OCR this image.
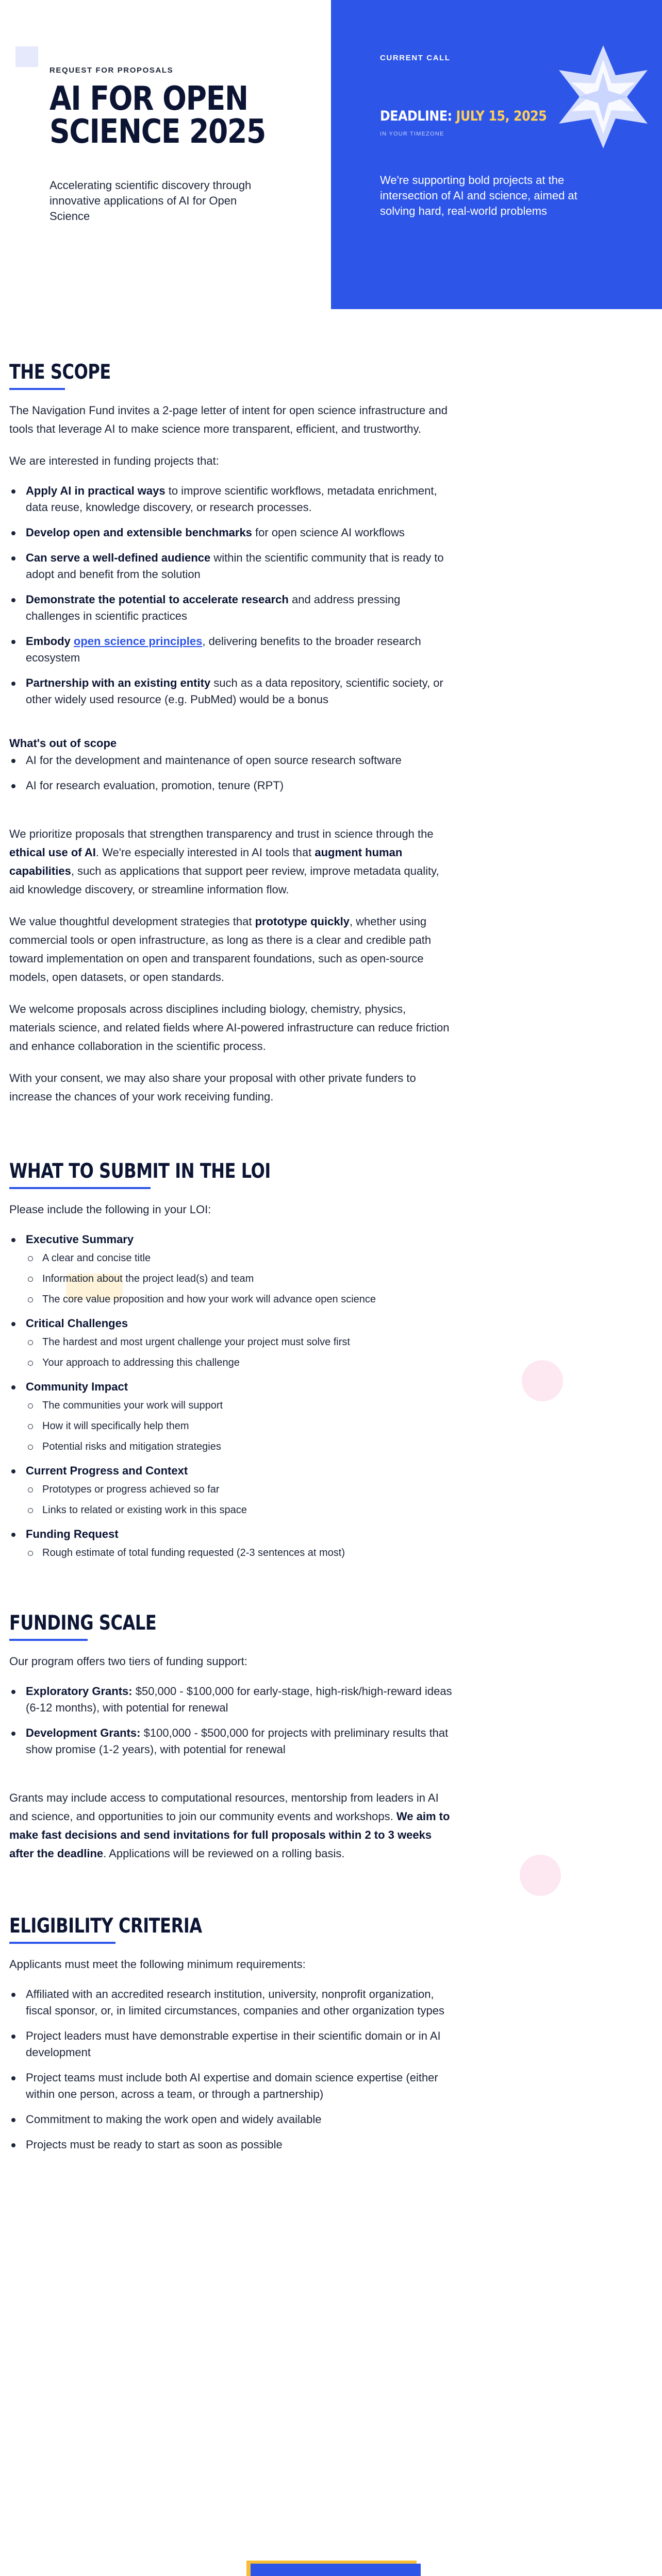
REQUEST FOR PROPOSALS
AI FOR OPEN SCIENCE 2025

Accelerating scientific discovery through innovative applications of AI for Open Science

CURRENT CALL
DEADLINE: JULY 15, 2025
IN YOUR TIMEZONE

We're supporting bold projects at the intersection of AI and science, aimed at solving hard, real-world problems

THE SCOPE

The Navigation Fund invites a 2-page letter of intent for open science infrastructure and tools that leverage AI to make science more transparent, efficient, and trustworthy.

We are interested in funding projects that:

Apply AI in practical ways to improve scientific workflows, metadata enrichment, data reuse, knowledge discovery, or research processes.
Develop open and extensible benchmarks for open science AI workflows
Can serve a well-defined audience within the scientific community that is ready to adopt and benefit from the solution
Demonstrate the potential to accelerate research and address pressing challenges in scientific practices
Embody open science principles, delivering benefits to the broader research ecosystem
Partnership with an existing entity such as a data repository, scientific society, or other widely used resource (e.g. PubMed) would be a bonus
What's out of scope
AI for the development and maintenance of open source research software
AI for research evaluation, promotion, tenure (RPT)

We prioritize proposals that strengthen transparency and trust in science through the ethical use of AI. We're especially interested in AI tools that augment human capabilities, such as applications that support peer review, improve metadata quality, aid knowledge discovery, or streamline information flow.

We value thoughtful development strategies that prototype quickly, whether using commercial tools or open infrastructure, as long as there is a clear and credible path toward implementation on open and transparent foundations, such as open-source models, open datasets, or open standards.

We welcome proposals across disciplines including biology, chemistry, physics, materials science, and related fields where AI-powered infrastructure can reduce friction and enhance collaboration in the scientific process.

With your consent, we may also share your proposal with other private funders to increase the chances of your work receiving funding.

WHAT TO SUBMIT IN THE LOI

Please include the following in your LOI:

Executive Summary
A clear and concise title
Information about the project lead(s) and team
The core value proposition and how your work will advance open science
Critical Challenges
The hardest and most urgent challenge your project must solve first
Your approach to addressing this challenge
Community Impact
The communities your work will support
How it will specifically help them
Potential risks and mitigation strategies
Current Progress and Context
Prototypes or progress achieved so far
Links to related or existing work in this space
Funding Request
Rough estimate of total funding requested (2-3 sentences at most)
FUNDING SCALE

Our program offers two tiers of funding support:

Exploratory Grants: $50,000 - $100,000 for early-stage, high-risk/high-reward ideas (6-12 months), with potential for renewal
Development Grants: $100,000 - $500,000 for projects with preliminary results that show promise (1-2 years), with potential for renewal

Grants may include access to computational resources, mentorship from leaders in AI and science, and opportunities to join our community events and workshops. We aim to make fast decisions and send invitations for full proposals within 2 to 3 weeks after the deadline. Applications will be reviewed on a rolling basis.

ELIGIBILITY CRITERIA

Applicants must meet the following minimum requirements:

Affiliated with an accredited research institution, university, nonprofit organization, fiscal sponsor, or, in limited circumstances, companies and other organization types
Project leaders must have demonstrable expertise in their scientific domain or in AI development
Project teams must include both AI expertise and domain science expertise (either within one person, across a team, or through a partnership)
Commitment to making the work open and widely available
Projects must be ready to start as soon as possible
